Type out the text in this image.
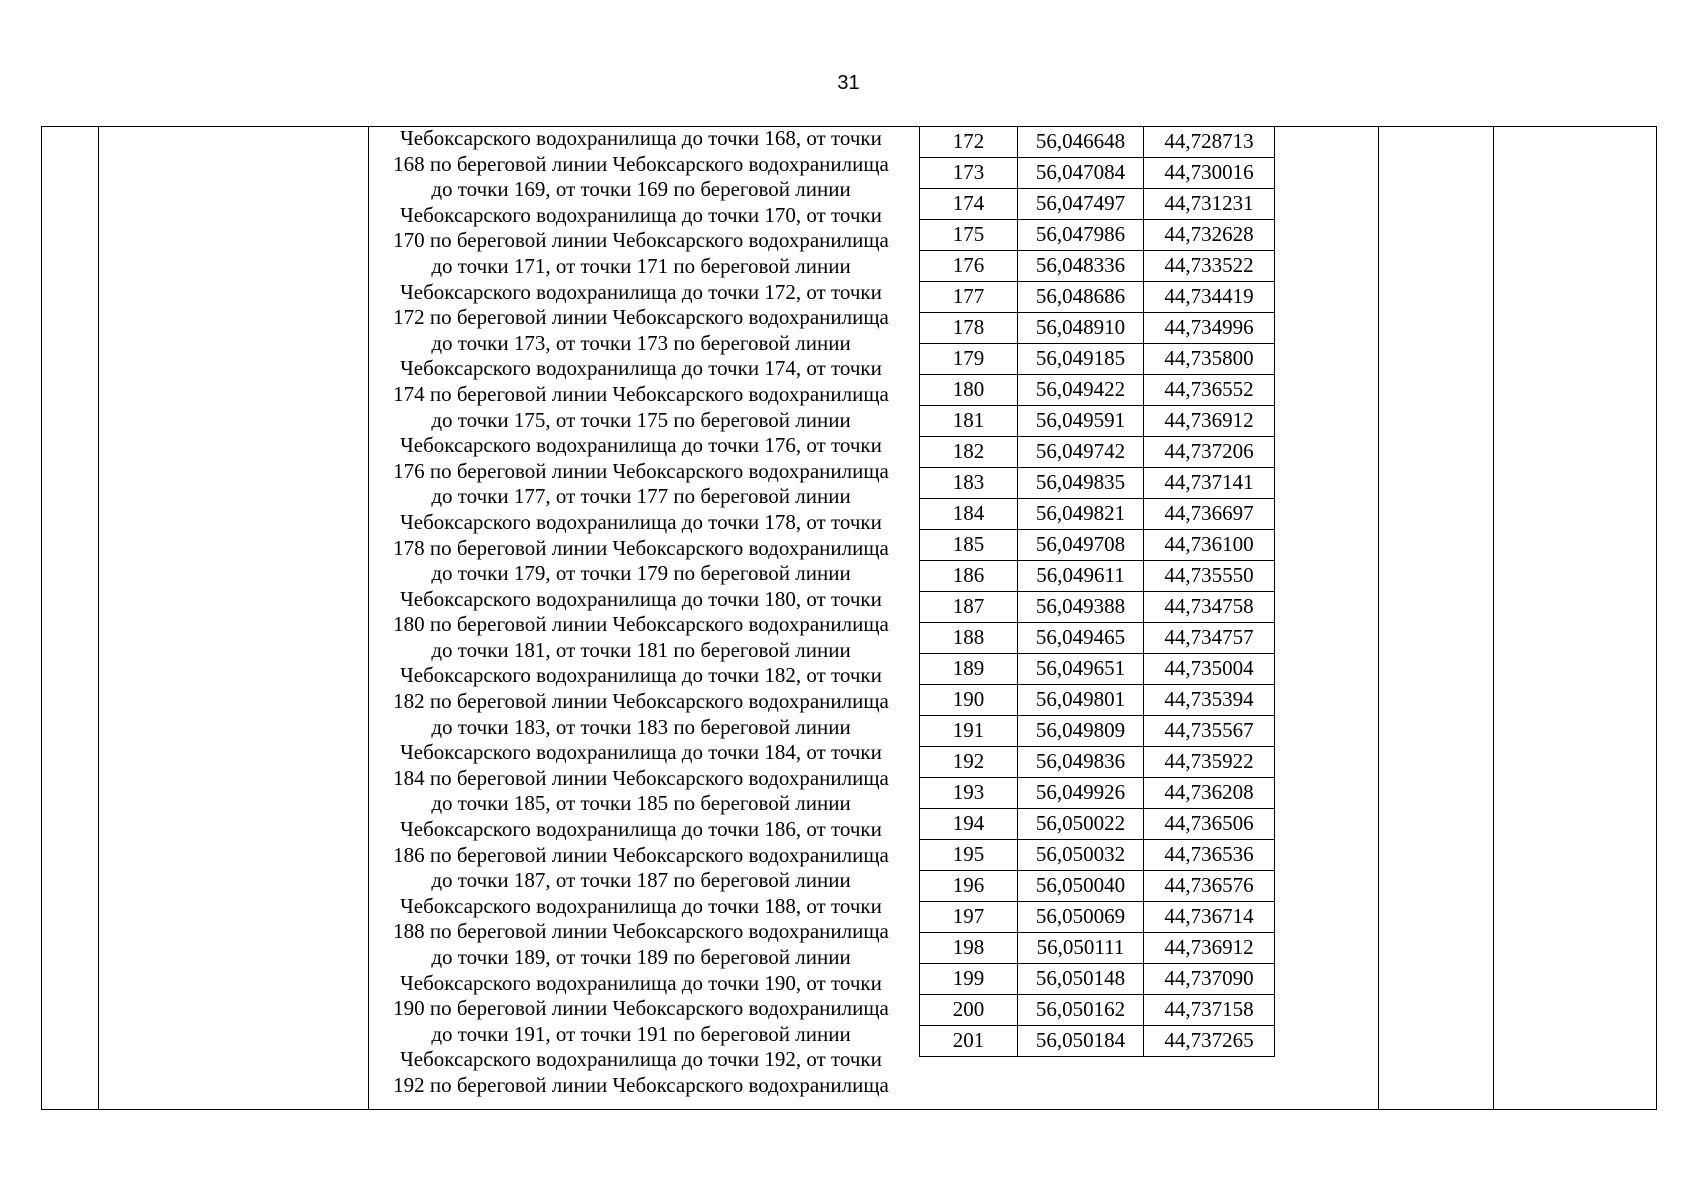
31
Чебоксарского водохранилища до точки 168, от точки
168 по береговой линии Чебоксарского водохранилища
до точки 169, от точки 169 по береговой линии
Чебоксарского водохранилища до точки 170, от точки
170 по береговой линии Чебоксарского водохранилища
до точки 171, от точки 171 по береговой линии
Чебоксарского водохранилища до точки 172, от точки
172 по береговой линии Чебоксарского водохранилища
до точки 173, от точки 173 по береговой линии
Чебоксарского водохранилища до точки 174, от точки
174 по береговой линии Чебоксарского водохранилища
до точки 175, от точки 175 по береговой линии
Чебоксарского водохранилища до точки 176, от точки
176 по береговой линии Чебоксарского водохранилища
до точки 177, от точки 177 по береговой линии
Чебоксарского водохранилища до точки 178, от точки
178 по береговой линии Чебоксарского водохранилища
до точки 179, от точки 179 по береговой линии
Чебоксарского водохранилища до точки 180, от точки
180 по береговой линии Чебоксарского водохранилища
до точки 181, от точки 181 по береговой линии
Чебоксарского водохранилища до точки 182, от точки
182 по береговой линии Чебоксарского водохранилища
до точки 183, от точки 183 по береговой линии
Чебоксарского водохранилища до точки 184, от точки
184 по береговой линии Чебоксарского водохранилища
до точки 185, от точки 185 по береговой линии
Чебоксарского водохранилища до точки 186, от точки
186 по береговой линии Чебоксарского водохранилища
до точки 187, от точки 187 по береговой линии
Чебоксарского водохранилища до точки 188, от точки
188 по береговой линии Чебоксарского водохранилища
до точки 189, от точки 189 по береговой линии
Чебоксарского водохранилища до точки 190, от точки
190 по береговой линии Чебоксарского водохранилища
до точки 191, от точки 191 по береговой линии
Чебоксарского водохранилища до точки 192, от точки
192 по береговой линии Чебоксарского водохранилища
172	56,046648	44,728713
173	56,047084	44,730016
174	56,047497	44,731231
175	56,047986	44,732628
176	56,048336	44,733522
177	56,048686	44,734419
178	56,048910	44,734996
179	56,049185	44,735800
180	56,049422	44,736552
181	56,049591	44,736912
182	56,049742	44,737206
183	56,049835	44,737141
184	56,049821	44,736697
185	56,049708	44,736100
186	56,049611	44,735550
187	56,049388	44,734758
188	56,049465	44,734757
189	56,049651	44,735004
190	56,049801	44,735394
191	56,049809	44,735567
192	56,049836	44,735922
193	56,049926	44,736208
194	56,050022	44,736506
195	56,050032	44,736536
196	56,050040	44,736576
197	56,050069	44,736714
198	56,050111	44,736912
199	56,050148	44,737090
200	56,050162	44,737158
201	56,050184	44,737265
